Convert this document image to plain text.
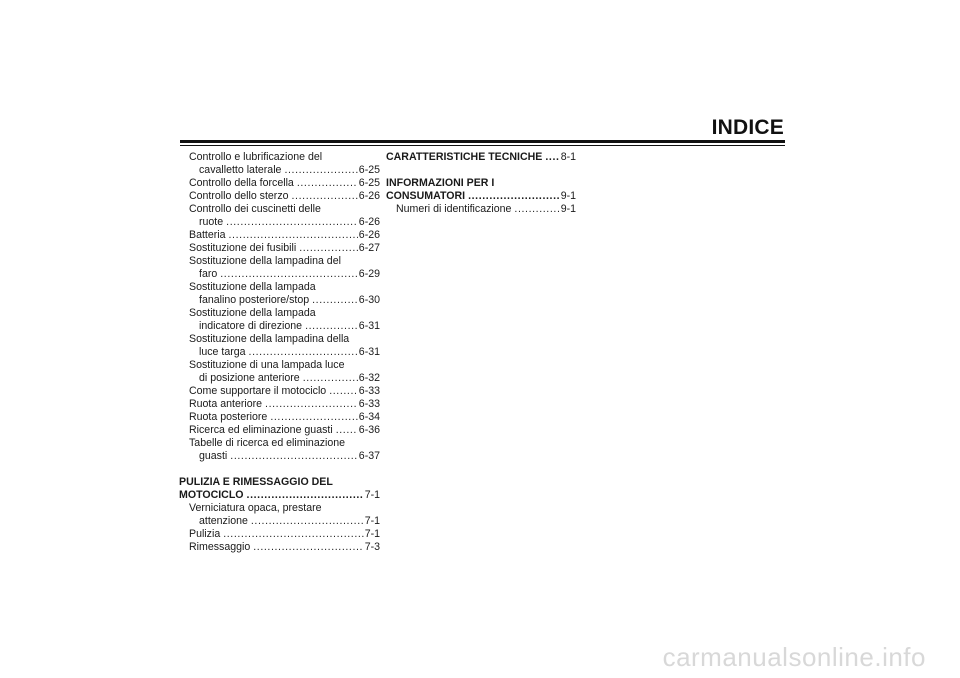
INDICE
Controllo e lubrificazione del
cavalletto laterale .....	6-25
Controllo della forcella .....	6-25
Controllo dello sterzo .....	6-26
Controllo dei cuscinetti delle
ruote .....	6-26
Batteria .....	6-26
Sostituzione dei fusibili .....	6-27
Sostituzione della lampadina del
faro .....	6-29
Sostituzione della lampada
fanalino posteriore/stop .....	6-30
Sostituzione della lampada
indicatore di direzione .....	6-31
Sostituzione della lampadina della
luce targa .....	6-31
Sostituzione di una lampada luce
di posizione anteriore .....	6-32
Come supportare il motociclo .....	6-33
Ruota anteriore .....	6-33
Ruota posteriore .....	6-34
Ricerca ed eliminazione guasti ..... 6-36
Tabelle di ricerca ed eliminazione
guasti .....	6-37
PULIZIA E RIMESSAGGIO DEL
MOTOCICLO .....	7-1
Verniciatura opaca, prestare
attenzione .....	7-1
Pulizia .....	7-1
Rimessaggio .....	7-3
CARATTERISTICHE TECNICHE ..... 8-1
INFORMAZIONI PER I
CONSUMATORI .....	9-1
Numeri di identificazione .....	9-1
carmanualsonline.info
